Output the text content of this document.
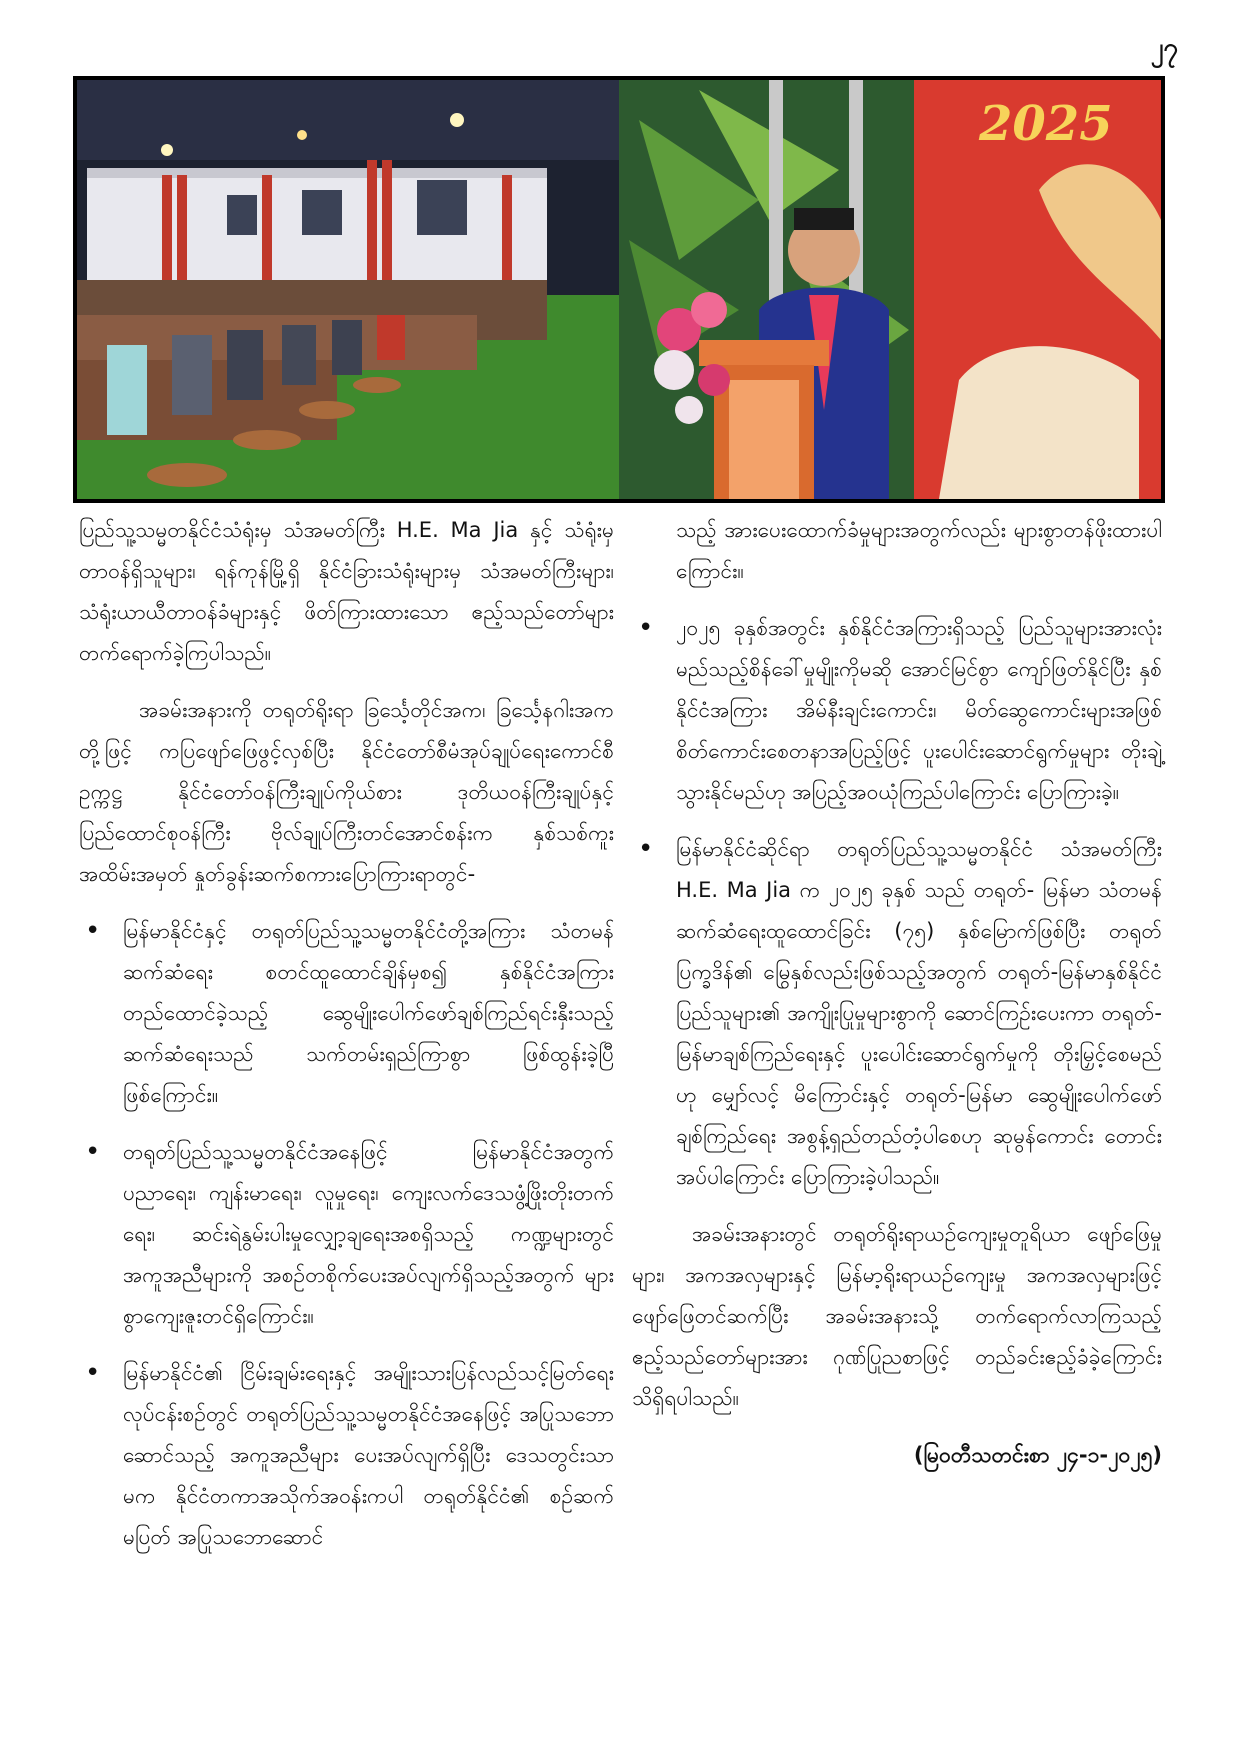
၂၇
2025

ပြည်သူ့သမ္မတနိုင်ငံသံရုံးမှ သံအမတ်ကြီး H.E. Ma Jia နှင့် သံရုံးမှ တာဝန်ရှိသူများ၊ ရန်ကုန်မြို့ရှိ နိုင်ငံခြားသံရုံးများမှ သံအမတ်ကြီးများ၊ သံရုံးယာယီတာဝန်ခံများနှင့် ဖိတ်ကြားထားသော ဧည့်သည်တော်များ တက်ရောက်ခဲ့ကြပါသည်။

အခမ်းအနားကို တရုတ်ရိုးရာ ခြင်္သေ့တိုင်အက၊ ခြင်္သေ့နဂါးအကတို့ဖြင့် ကပြဖျော်ဖြေဖွင့်လှစ်ပြီး နိုင်ငံတော်စီမံအုပ်ချုပ်ရေးကောင်စီဥက္ကဋ္ဌ နိုင်ငံတော်ဝန်ကြီးချုပ်ကိုယ်စား ဒုတိယဝန်ကြီးချုပ်နှင့် ပြည်ထောင်စုဝန်ကြီး ဗိုလ်ချုပ်ကြီးတင်အောင်စန်းက နှစ်သစ်ကူးအထိမ်းအမှတ် နှုတ်ခွန်းဆက်စကားပြောကြားရာတွင်-

• မြန်မာနိုင်ငံနှင့် တရုတ်ပြည်သူ့သမ္မတနိုင်ငံတို့အကြား သံတမန်ဆက်ဆံရေး စတင်ထူထောင်ချိန်မှစ၍ နှစ်နိုင်ငံအကြား တည်ထောင်ခဲ့သည့် ဆွေမျိုးပေါက်ဖော်ချစ်ကြည်ရင်းနှီးသည့် ဆက်ဆံရေးသည် သက်တမ်းရှည်ကြာစွာ ဖြစ်ထွန်းခဲ့ပြီဖြစ်ကြောင်း။
• တရုတ်ပြည်သူ့သမ္မတနိုင်ငံအနေဖြင့် မြန်မာနိုင်ငံအတွက် ပညာရေး၊ ကျန်းမာရေး၊ လူမှုရေး၊ ကျေးလက်ဒေသဖွံ့ဖြိုးတိုးတက်ရေး၊ ဆင်းရဲနွမ်းပါးမှုလျှော့ချရေးအစရှိသည့် ကဏ္ဍများတွင် အကူအညီများကို အစဉ်တစိုက်ပေးအပ်လျက်ရှိသည့်အတွက် များစွာကျေးဇူးတင်ရှိကြောင်း။
• မြန်မာနိုင်ငံ၏ ငြိမ်းချမ်းရေးနှင့် အမျိုးသားပြန်လည်သင့်မြတ်ရေးလုပ်ငန်းစဉ်တွင် တရုတ်ပြည်သူ့သမ္မတနိုင်ငံအနေဖြင့် အပြုသဘောဆောင်သည့် အကူအညီများ ပေးအပ်လျက်ရှိပြီး ဒေသတွင်းသာမက နိုင်ငံတကာအသိုက်အဝန်းကပါ တရုတ်နိုင်ငံ၏ စဉ်ဆက်မပြတ် အပြုသဘောဆောင်

သည့် အားပေးထောက်ခံမှုများအတွက်လည်း များစွာတန်ဖိုးထားပါကြောင်း။

• ၂၀၂၅ ခုနှစ်အတွင်း နှစ်နိုင်ငံအကြားရှိသည့် ပြည်သူများအားလုံး မည်သည့်စိန်ခေါ်မှုမျိုးကိုမဆို အောင်မြင်စွာ ကျော်ဖြတ်နိုင်ပြီး နှစ်နိုင်ငံအကြား အိမ်နီးချင်းကောင်း၊ မိတ်ဆွေကောင်းများအဖြစ် စိတ်ကောင်းစေတနာအပြည့်ဖြင့် ပူးပေါင်းဆောင်ရွက်မှုများ တိုးချဲ့သွားနိုင်မည်ဟု အပြည့်အဝယုံကြည်ပါကြောင်း ပြောကြားခဲ့။
• မြန်မာနိုင်ငံဆိုင်ရာ တရုတ်ပြည်သူ့သမ္မတနိုင်ငံ သံအမတ်ကြီး H.E. Ma Jia က ၂၀၂၅ ခုနှစ် သည် တရုတ်- မြန်မာ သံတမန်ဆက်ဆံရေးထူထောင်ခြင်း (၇၅) နှစ်မြောက်ဖြစ်ပြီး တရုတ်ပြက္ခဒိန်၏ မြွေနှစ်လည်းဖြစ်သည့်အတွက် တရုတ်-မြန်မာနှစ်နိုင်ငံပြည်သူများ၏ အကျိုးပြုမှုများစွာကို ဆောင်ကြဉ်းပေးကာ တရုတ်-မြန်မာချစ်ကြည်ရေးနှင့် ပူးပေါင်းဆောင်ရွက်မှုကို တိုးမြှင့်စေမည်ဟု မျှော်လင့် မိကြောင်းနှင့် တရုတ်-မြန်မာ ဆွေမျိုးပေါက်ဖော်ချစ်ကြည်ရေး အစွန့်ရှည်တည်တံ့ပါစေဟု ဆုမွန်ကောင်း တောင်းအပ်ပါကြောင်း ပြောကြားခဲ့ပါသည်။

အခမ်းအနားတွင် တရုတ်ရိုးရာယဉ်ကျေးမှုတူရိယာ ဖျော်ဖြေမှုများ၊ အကအလှများနှင့် မြန်မာ့ရိုးရာယဉ်ကျေးမှု အကအလှများဖြင့် ဖျော်ဖြေတင်ဆက်ပြီး အခမ်းအနားသို့ တက်ရောက်လာကြသည့် ဧည့်သည်တော်များအား ဂုဏ်ပြုညစာဖြင့် တည်ခင်းဧည့်ခံခဲ့ကြောင်း သိရှိရပါသည်။

(မြဝတီသတင်းစာ ၂၄-၁-၂၀၂၅)
